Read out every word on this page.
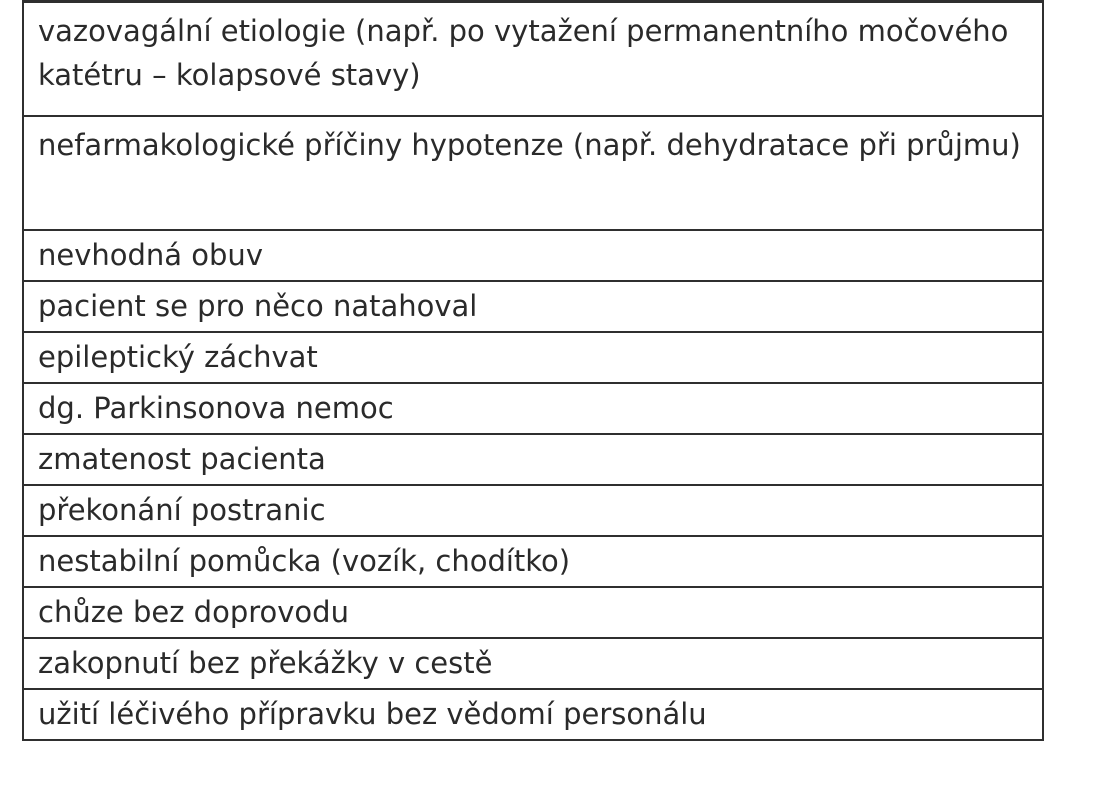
vazovagální etiologie (např. po vytažení permanentního močového katétru – kolapsové stavy)
nefarmakologické příčiny hypotenze (např. dehydratace při průjmu)
nevhodná obuv
pacient se pro něco natahoval
epileptický záchvat
dg. Parkinsonova nemoc
zmatenost pacienta
překonání postranic
nestabilní pomůcka (vozík, chodítko)
chůze bez doprovodu
zakopnutí bez překážky v cestě
užití léčivého přípravku bez vědomí personálu
